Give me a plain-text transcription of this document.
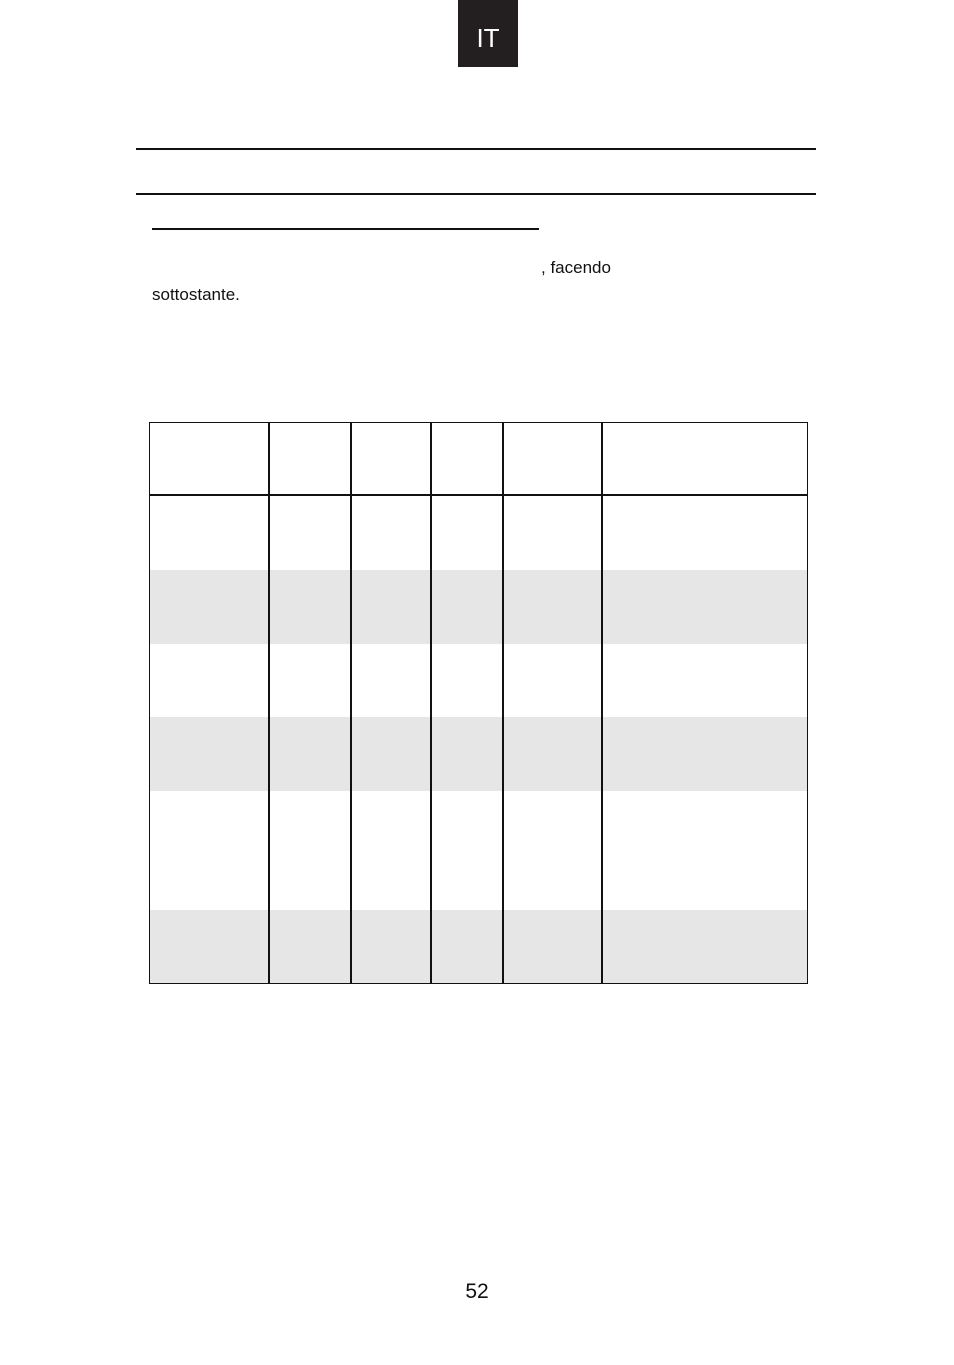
IT
, facendo
sottostante.
52
